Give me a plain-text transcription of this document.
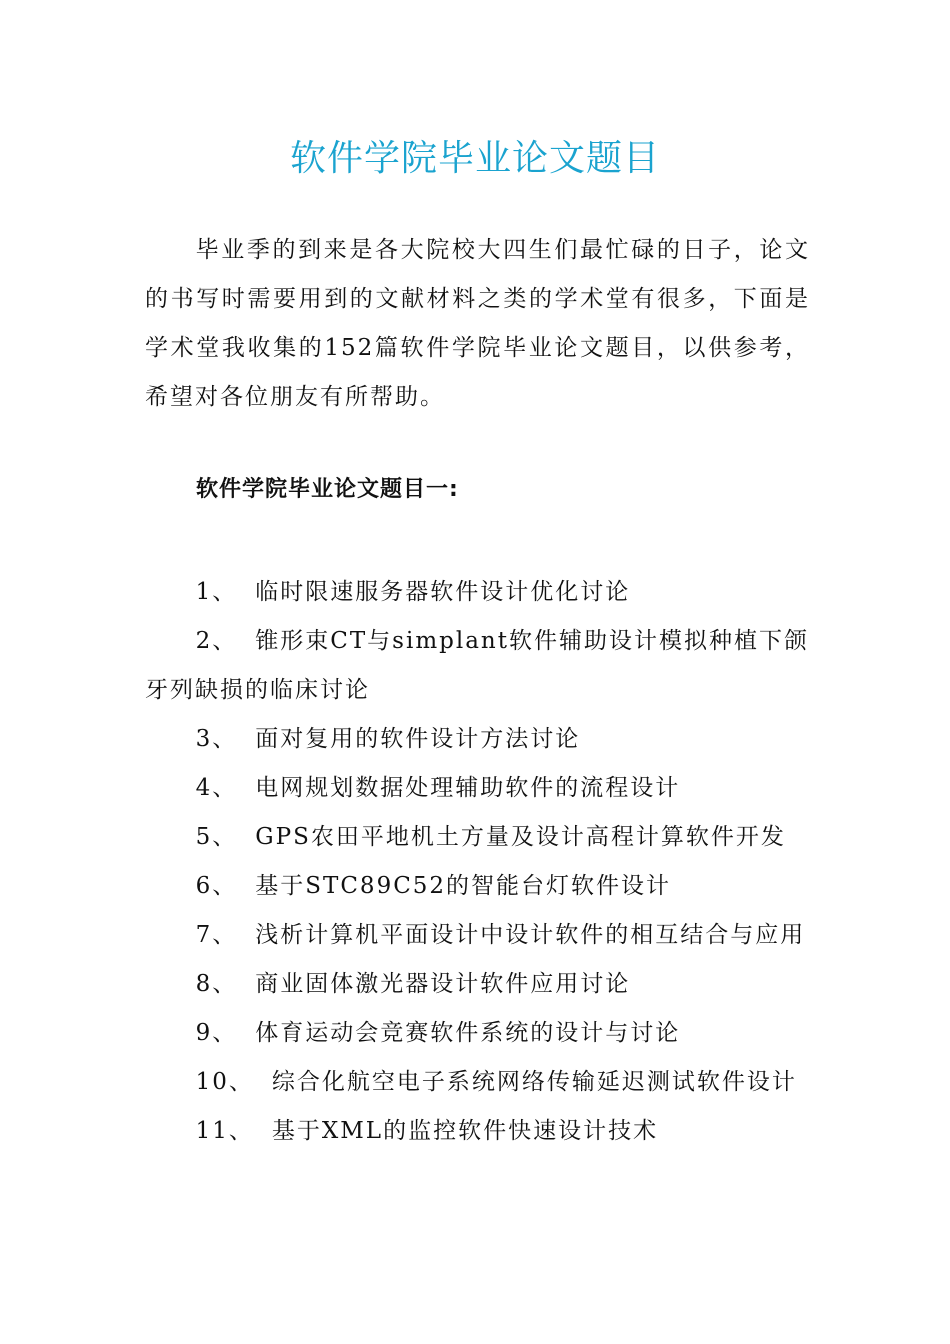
软件学院毕业论文题目

毕业季的到来是各大院校大四生们最忙碌的日子，论文的书写时需要用到的文献材料之类的学术堂有很多，下面是学术堂我收集的152篇软件学院毕业论文题目，以供参考，希望对各位朋友有所帮助。

软件学院毕业论文题目一:
1、 临时限速服务器软件设计优化讨论
2、 锥形束CT与simplant软件辅助设计模拟种植下颌牙列缺损的临床讨论
3、 面对复用的软件设计方法讨论
4、 电网规划数据处理辅助软件的流程设计
5、 GPS农田平地机土方量及设计高程计算软件开发
6、 基于STC89C52的智能台灯软件设计
7、 浅析计算机平面设计中设计软件的相互结合与应用
8、 商业固体激光器设计软件应用讨论
9、 体育运动会竞赛软件系统的设计与讨论
10、 综合化航空电子系统网络传输延迟测试软件设计
11、 基于XML的监控软件快速设计技术
